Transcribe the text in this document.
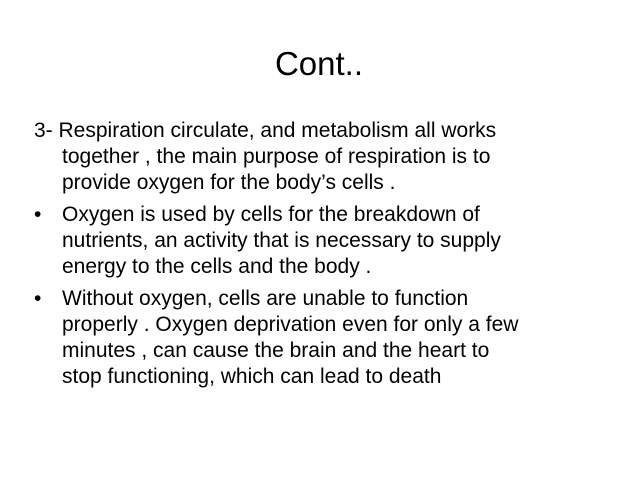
Cont..
3- Respiration circulate, and metabolism all works
together , the main purpose of respiration is to
provide oxygen for the body’s cells .
• Oxygen is used by cells for the breakdown of
nutrients, an activity that is necessary to supply
energy to the cells and the body .
• Without oxygen, cells are unable to function
properly . Oxygen deprivation even for only a few
minutes , can cause the brain and the heart to
stop functioning, which can lead to death
